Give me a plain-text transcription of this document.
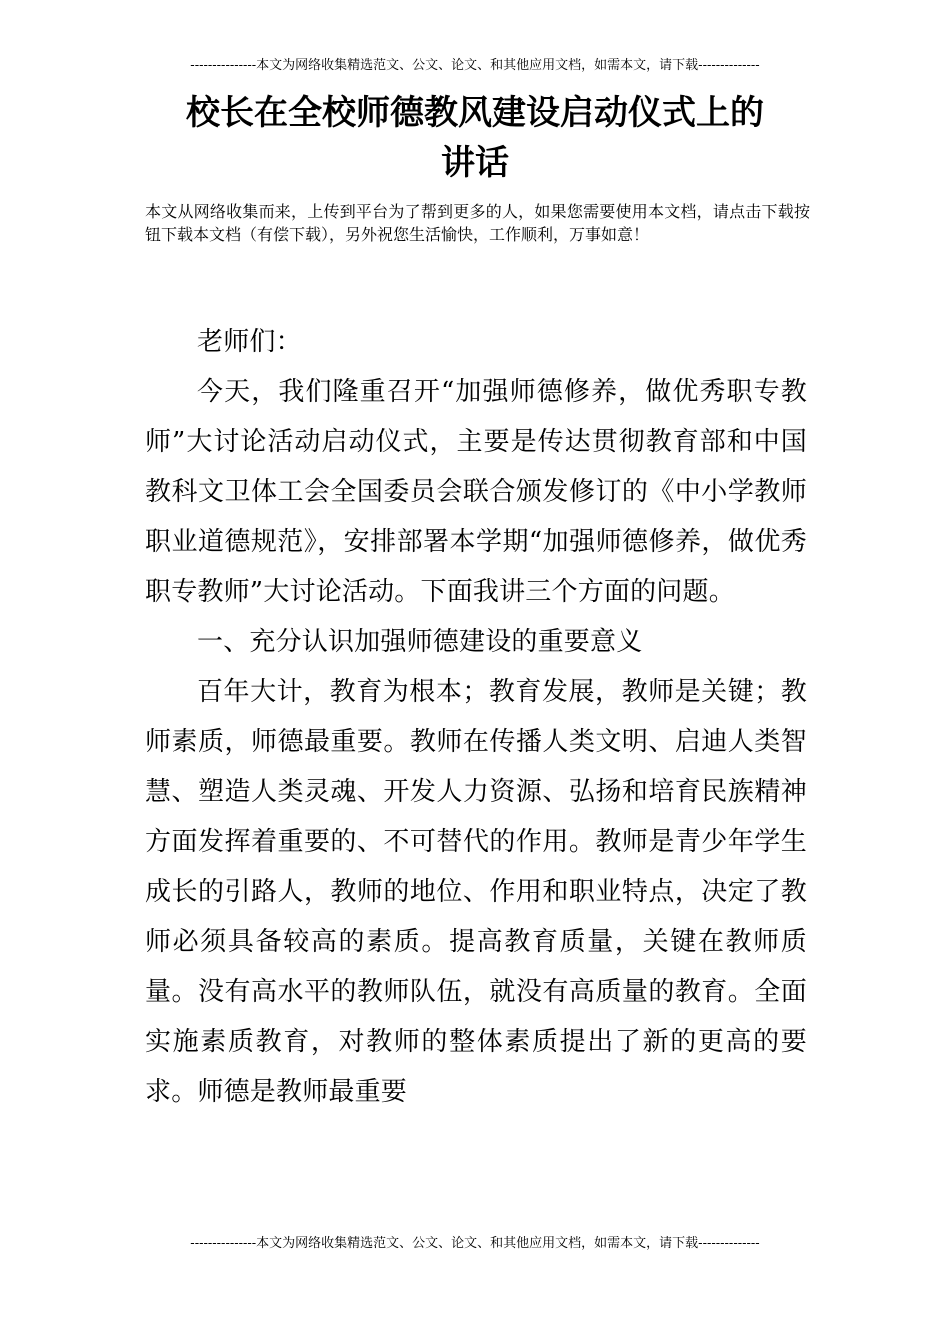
---------------本文为网络收集精选范文、公文、论文、和其他应用文档，如需本文，请下载--------------
校长在全校师德教风建设启动仪式上的
讲话
本文从网络收集而来，上传到平台为了帮到更多的人，如果您需要使用本文档，请点击下载按钮下载本文档（有偿下载），另外祝您生活愉快，工作顺利，万事如意！

老师们：

今天，我们隆重召开“加强师德修养，做优秀职专教师”大讨论活动启动仪式，主要是传达贯彻教育部和中国教科文卫体工会全国委员会联合颁发修订的《中小学教师职业道德规范》，安排部署本学期“加强师德修养，做优秀职专教师”大讨论活动。下面我讲三个方面的问题。

一、充分认识加强师德建设的重要意义

百年大计，教育为根本；教育发展，教师是关键；教师素质，师德最重要。教师在传播人类文明、启迪人类智慧、塑造人类灵魂、开发人力资源、弘扬和培育民族精神方面发挥着重要的、不可替代的作用。教师是青少年学生成长的引路人，教师的地位、作用和职业特点，决定了教师必须具备较高的素质。提高教育质量，关键在教师质量。没有高水平的教师队伍，就没有高质量的教育。全面实施素质教育，对教师的整体素质提出了新的更高的要求。师德是教师最重要

---------------本文为网络收集精选范文、公文、论文、和其他应用文档，如需本文，请下载--------------
